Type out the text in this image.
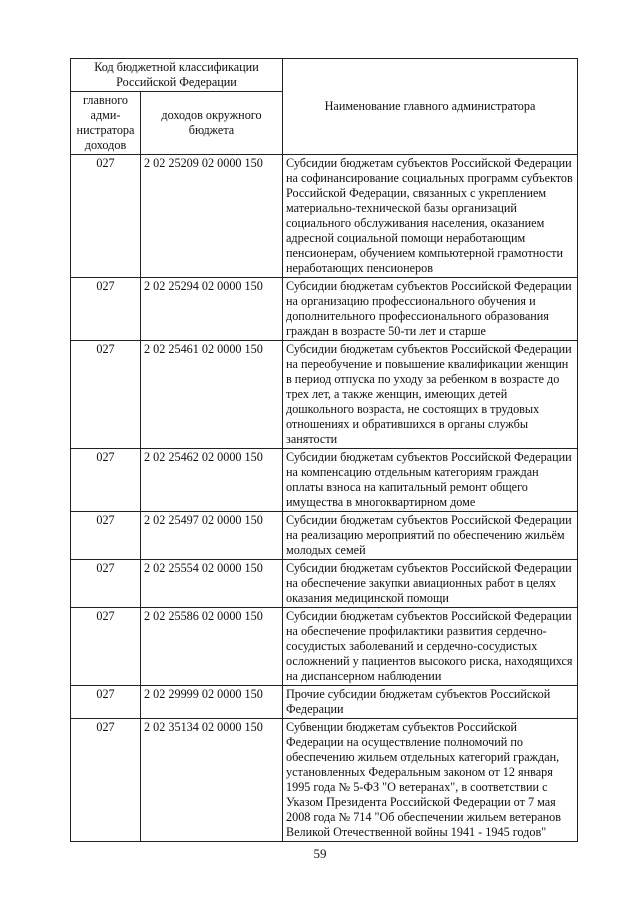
Код бюджетной классификации Российской Федерации		Наименование главного администратора
главного адми-нистратора доходов	доходов окружного бюджета	
027	2 02 25209 02 0000 150	Субсидии бюджетам субъектов Российской Федерации на софинансирование социальных программ субъектов Российской Федерации, связанных с укреплением материально-технической базы организаций социального обслуживания населения, оказанием адресной социальной помощи неработающим пенсионерам, обучением компьютерной грамотности неработающих пенсионеров
027	2 02 25294 02 0000 150	Субсидии бюджетам субъектов Российской Федерации на организацию профессионального обучения и дополнительного профессионального образования граждан в возрасте 50-ти лет и старше
027	2 02 25461 02 0000 150	Субсидии бюджетам субъектов Российской Федерации на переобучение и повышение квалификации женщин в период отпуска по уходу за ребенком в возрасте до трех лет, а также женщин, имеющих детей дошкольного возраста, не состоящих в трудовых отношениях и обратившихся в органы службы занятости
027	2 02 25462 02 0000 150	Субсидии бюджетам субъектов Российской Федерации на компенсацию отдельным категориям граждан оплаты взноса на капитальный ремонт общего имущества в многоквартирном доме
027	2 02 25497 02 0000 150	Субсидии бюджетам субъектов Российской Федерации на реализацию мероприятий по обеспечению жильём молодых семей
027	2 02 25554 02 0000 150	Субсидии бюджетам субъектов Российской Федерации на обеспечение закупки авиационных работ в целях оказания медицинской помощи
027	2 02 25586 02 0000 150	Субсидии бюджетам субъектов Российской Федерации на обеспечение профилактики развития сердечно-сосудистых заболеваний и сердечно-сосудистых осложнений у пациентов высокого риска, находящихся на диспансерном наблюдении
027	2 02 29999 02 0000 150	Прочие субсидии бюджетам субъектов Российской Федерации
027	2 02 35134 02 0000 150	Субвенции бюджетам субъектов Российской Федерации на осуществление полномочий по обеспечению жильем отдельных категорий граждан, установленных Федеральным законом от 12 января 1995 года № 5-ФЗ "О ветеранах", в соответствии с Указом Президента Российской Федерации от 7 мая 2008 года № 714 "Об обеспечении жильем ветеранов Великой Отечественной войны 1941 - 1945 годов"
59
